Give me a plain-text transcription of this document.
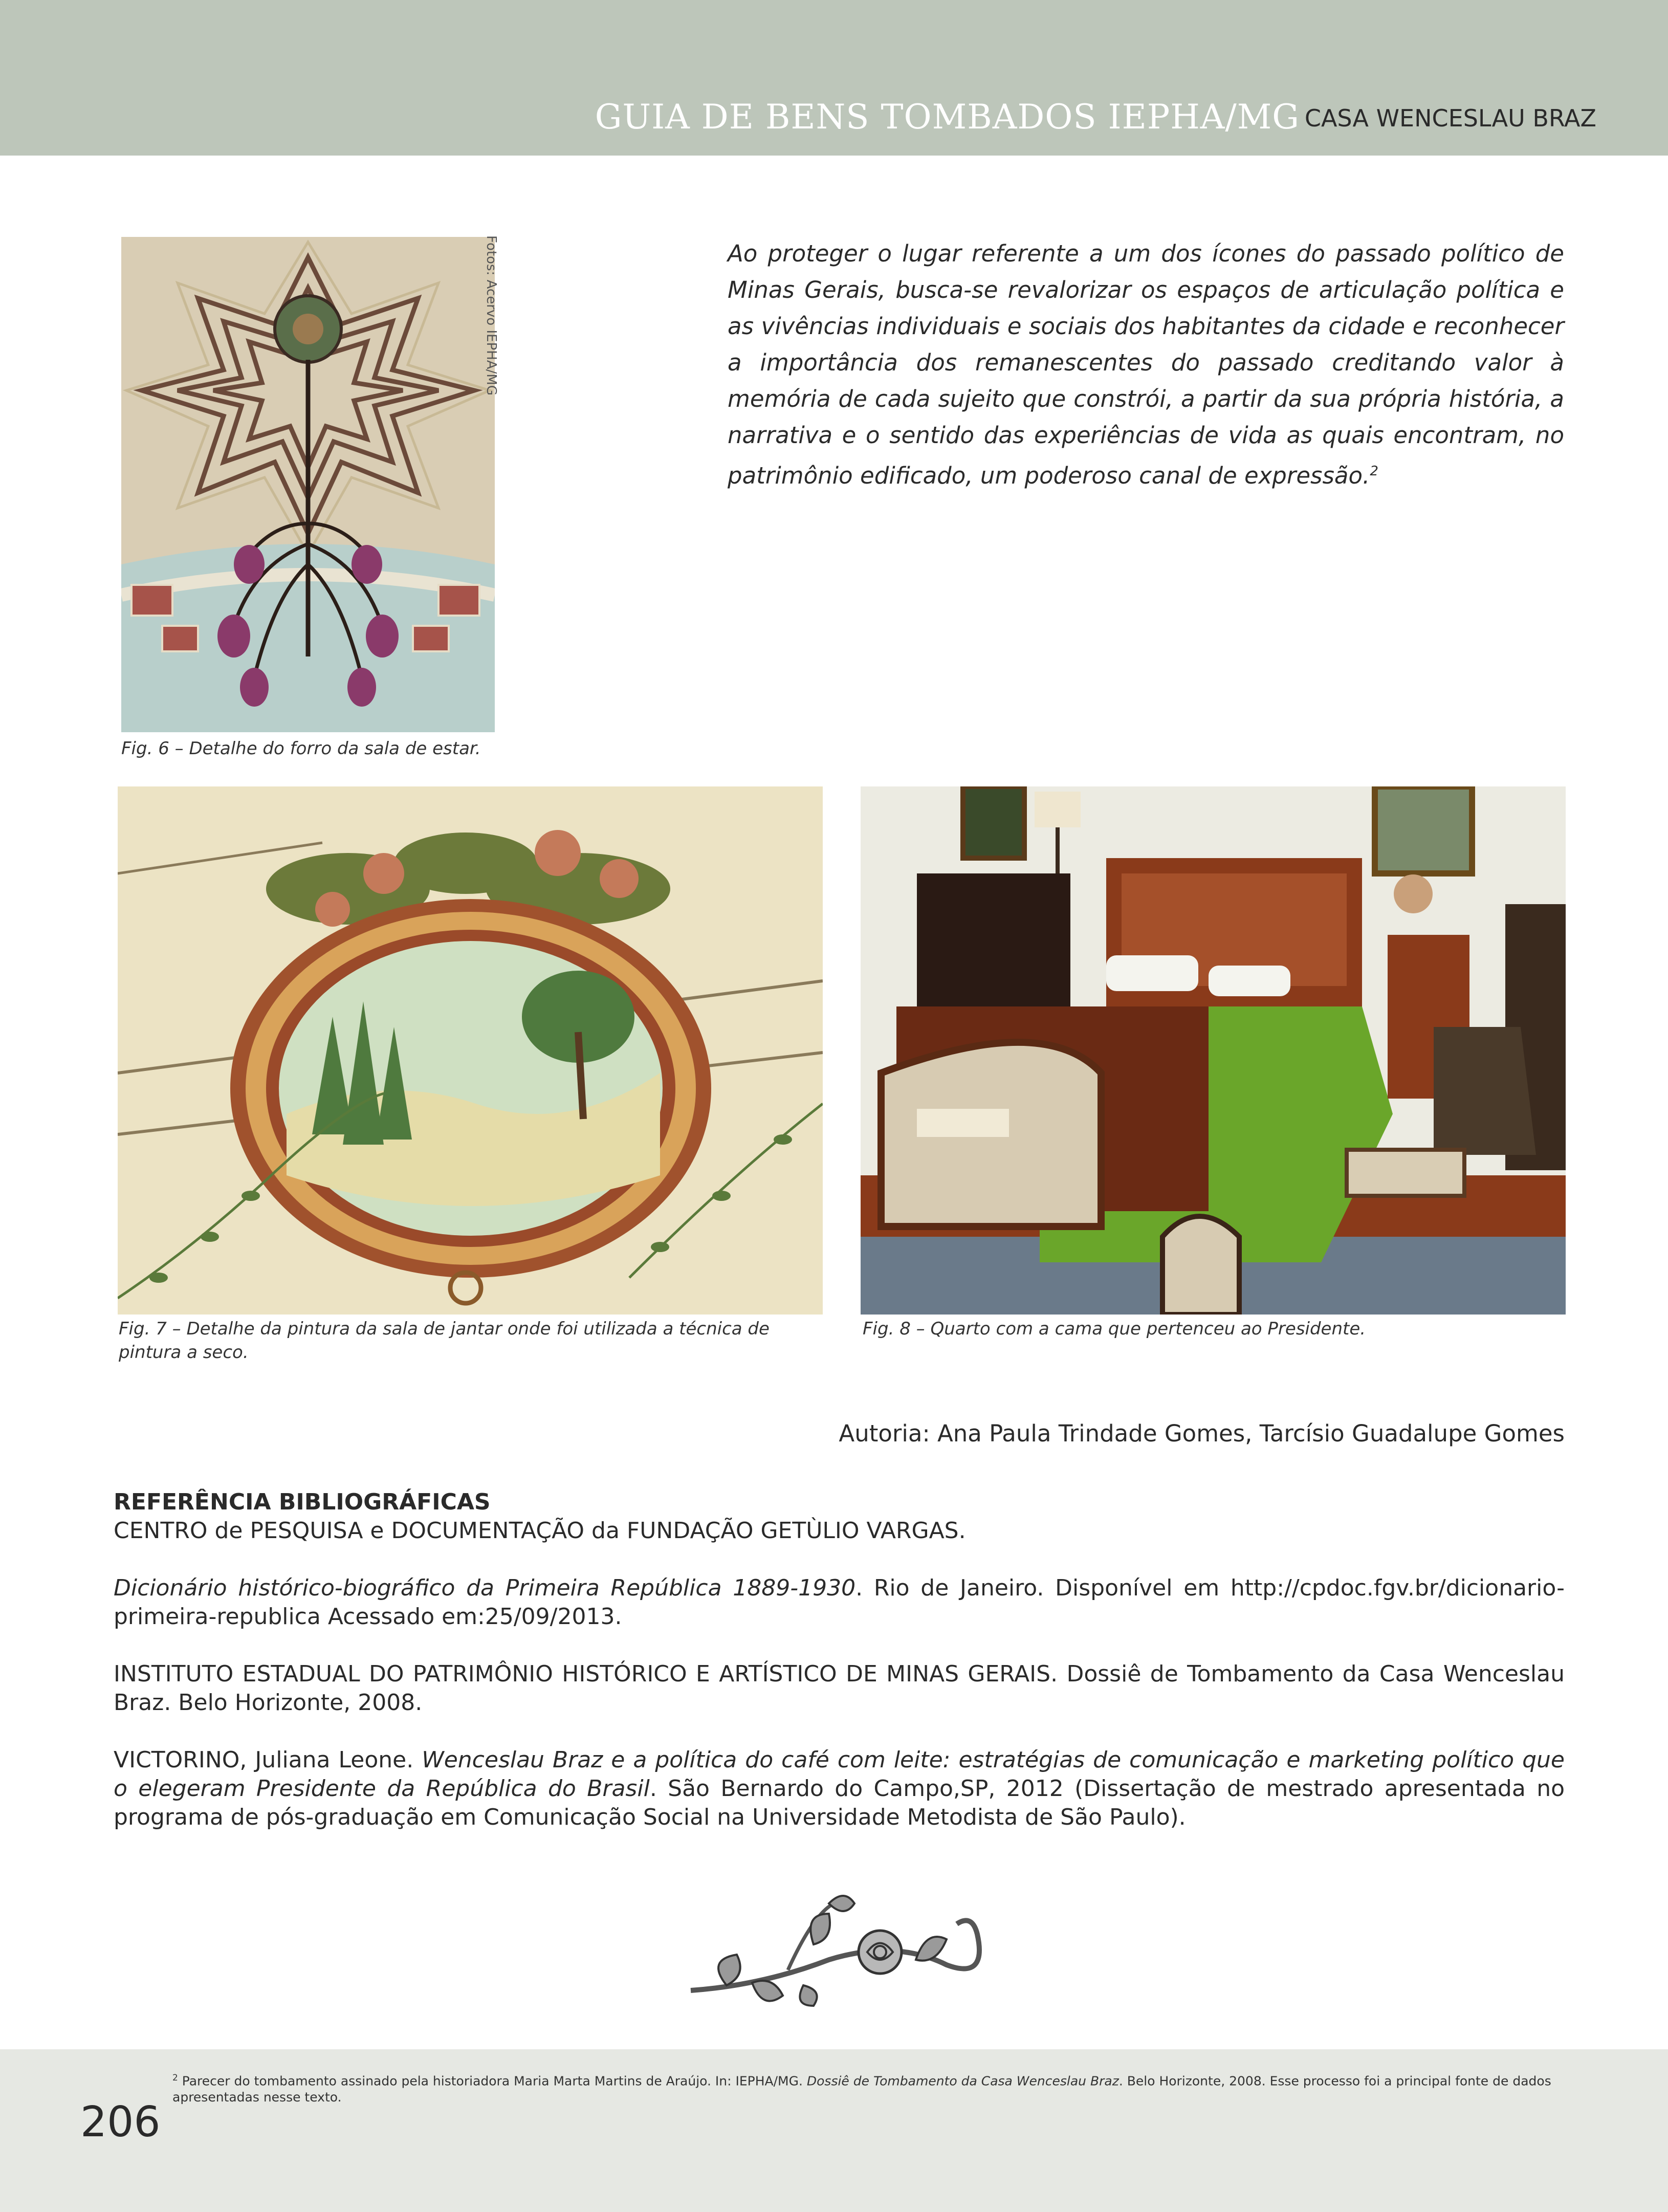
GUIA DE BENS TOMBADOS IEPHA/MG CASA WENCESLAU BRAZ
Fotos: Acervo IEPHA/MG
Fig. 6 – Detalhe do forro da sala de estar.
Ao proteger o lugar referente a um dos ícones do passado político de Minas Gerais, busca-se revalorizar os espaços de articulação política e as vivências individuais e sociais dos habitantes da cidade e reconhecer a importância dos remanescentes do passado creditando valor à memória de cada sujeito que constrói, a partir da sua própria história, a narrativa e o sentido das experiências de vida as quais encontram, no patrimônio edificado, um poderoso canal de expressão.$^2$
Fig. 7 – Detalhe da pintura da sala de jantar onde foi utilizada a técnica de pintura a seco.
Fig. 8 – Quarto com a cama que pertenceu ao Presidente.
Autoria: Ana Paula Trindade Gomes, Tarcísio Guadalupe Gomes
REFERÊNCIA BIBLIOGRÁFICAS

CENTRO de PESQUISA e DOCUMENTAÇÃO da FUNDAÇÃO GETÙLIO VARGAS.

Dicionário histórico-biográfico da Primeira República 1889-1930. Rio de Janeiro. Disponível em http://cpdoc.fgv.br/dicionario-primeira-republica Acessado em:25/09/2013.

INSTITUTO ESTADUAL DO PATRIMÔNIO HISTÓRICO E ARTÍSTICO DE MINAS GERAIS. Dossiê de Tombamento da Casa Wenceslau Braz. Belo Horizonte, 2008.

VICTORINO, Juliana Leone. Wenceslau Braz e a política do café com leite: estratégias de comunicação e marketing político que o elegeram Presidente da República do Brasil. São Bernardo do Campo,SP, 2012 (Dissertação de mestrado apresentada no programa de pós-graduação em Comunicação Social na Universidade Metodista de São Paulo).

$^2$ Parecer do tombamento assinado pela historiadora Maria Marta Martins de Araújo. In: IEPHA/MG. Dossiê de Tombamento da Casa Wenceslau Braz. Belo Horizonte, 2008. Esse processo foi a principal fonte de dados apresentadas nesse texto.
206
